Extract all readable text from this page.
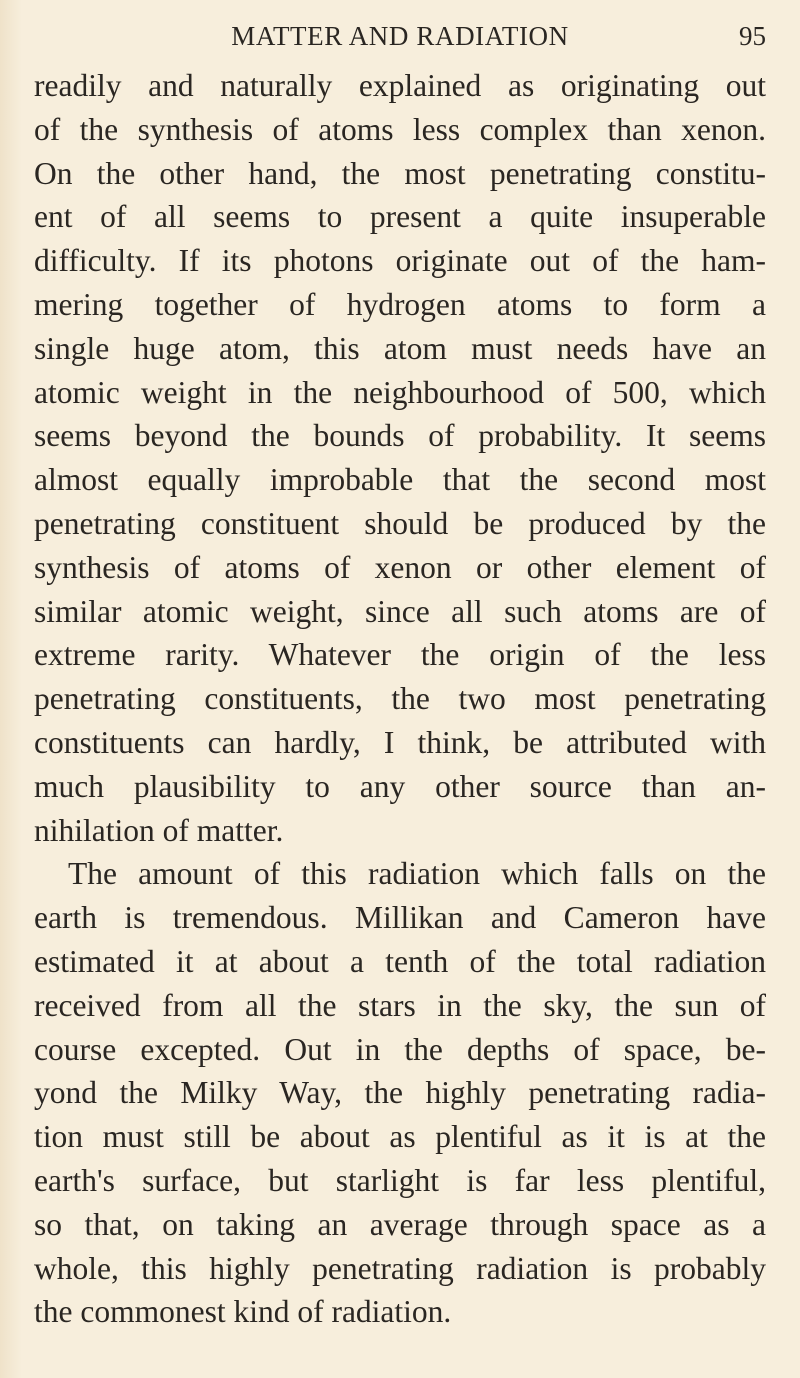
MATTER AND RADIATION	95
readily and naturally explained as originating out
of the synthesis of atoms less complex than xenon.
On the other hand, the most penetrating constitu-
ent of all seems to present a quite insuperable
difficulty. If its photons originate out of the ham-
mering together of hydrogen atoms to form a
single huge atom, this atom must needs have an
atomic weight in the neighbourhood of 500, which
seems beyond the bounds of probability. It seems
almost equally improbable that the second most
penetrating constituent should be produced by the
synthesis of atoms of xenon or other element of
similar atomic weight, since all such atoms are of
extreme rarity. Whatever the origin of the less
penetrating constituents, the two most penetrating
constituents can hardly, I think, be attributed with
much plausibility to any other source than an-
nihilation of matter.
The amount of this radiation which falls on the
earth is tremendous. Millikan and Cameron have
estimated it at about a tenth of the total radiation
received from all the stars in the sky, the sun of
course excepted. Out in the depths of space, be-
yond the Milky Way, the highly penetrating radia-
tion must still be about as plentiful as it is at the
earth's surface, but starlight is far less plentiful,
so that, on taking an average through space as a
whole, this highly penetrating radiation is probably
the commonest kind of radiation.
